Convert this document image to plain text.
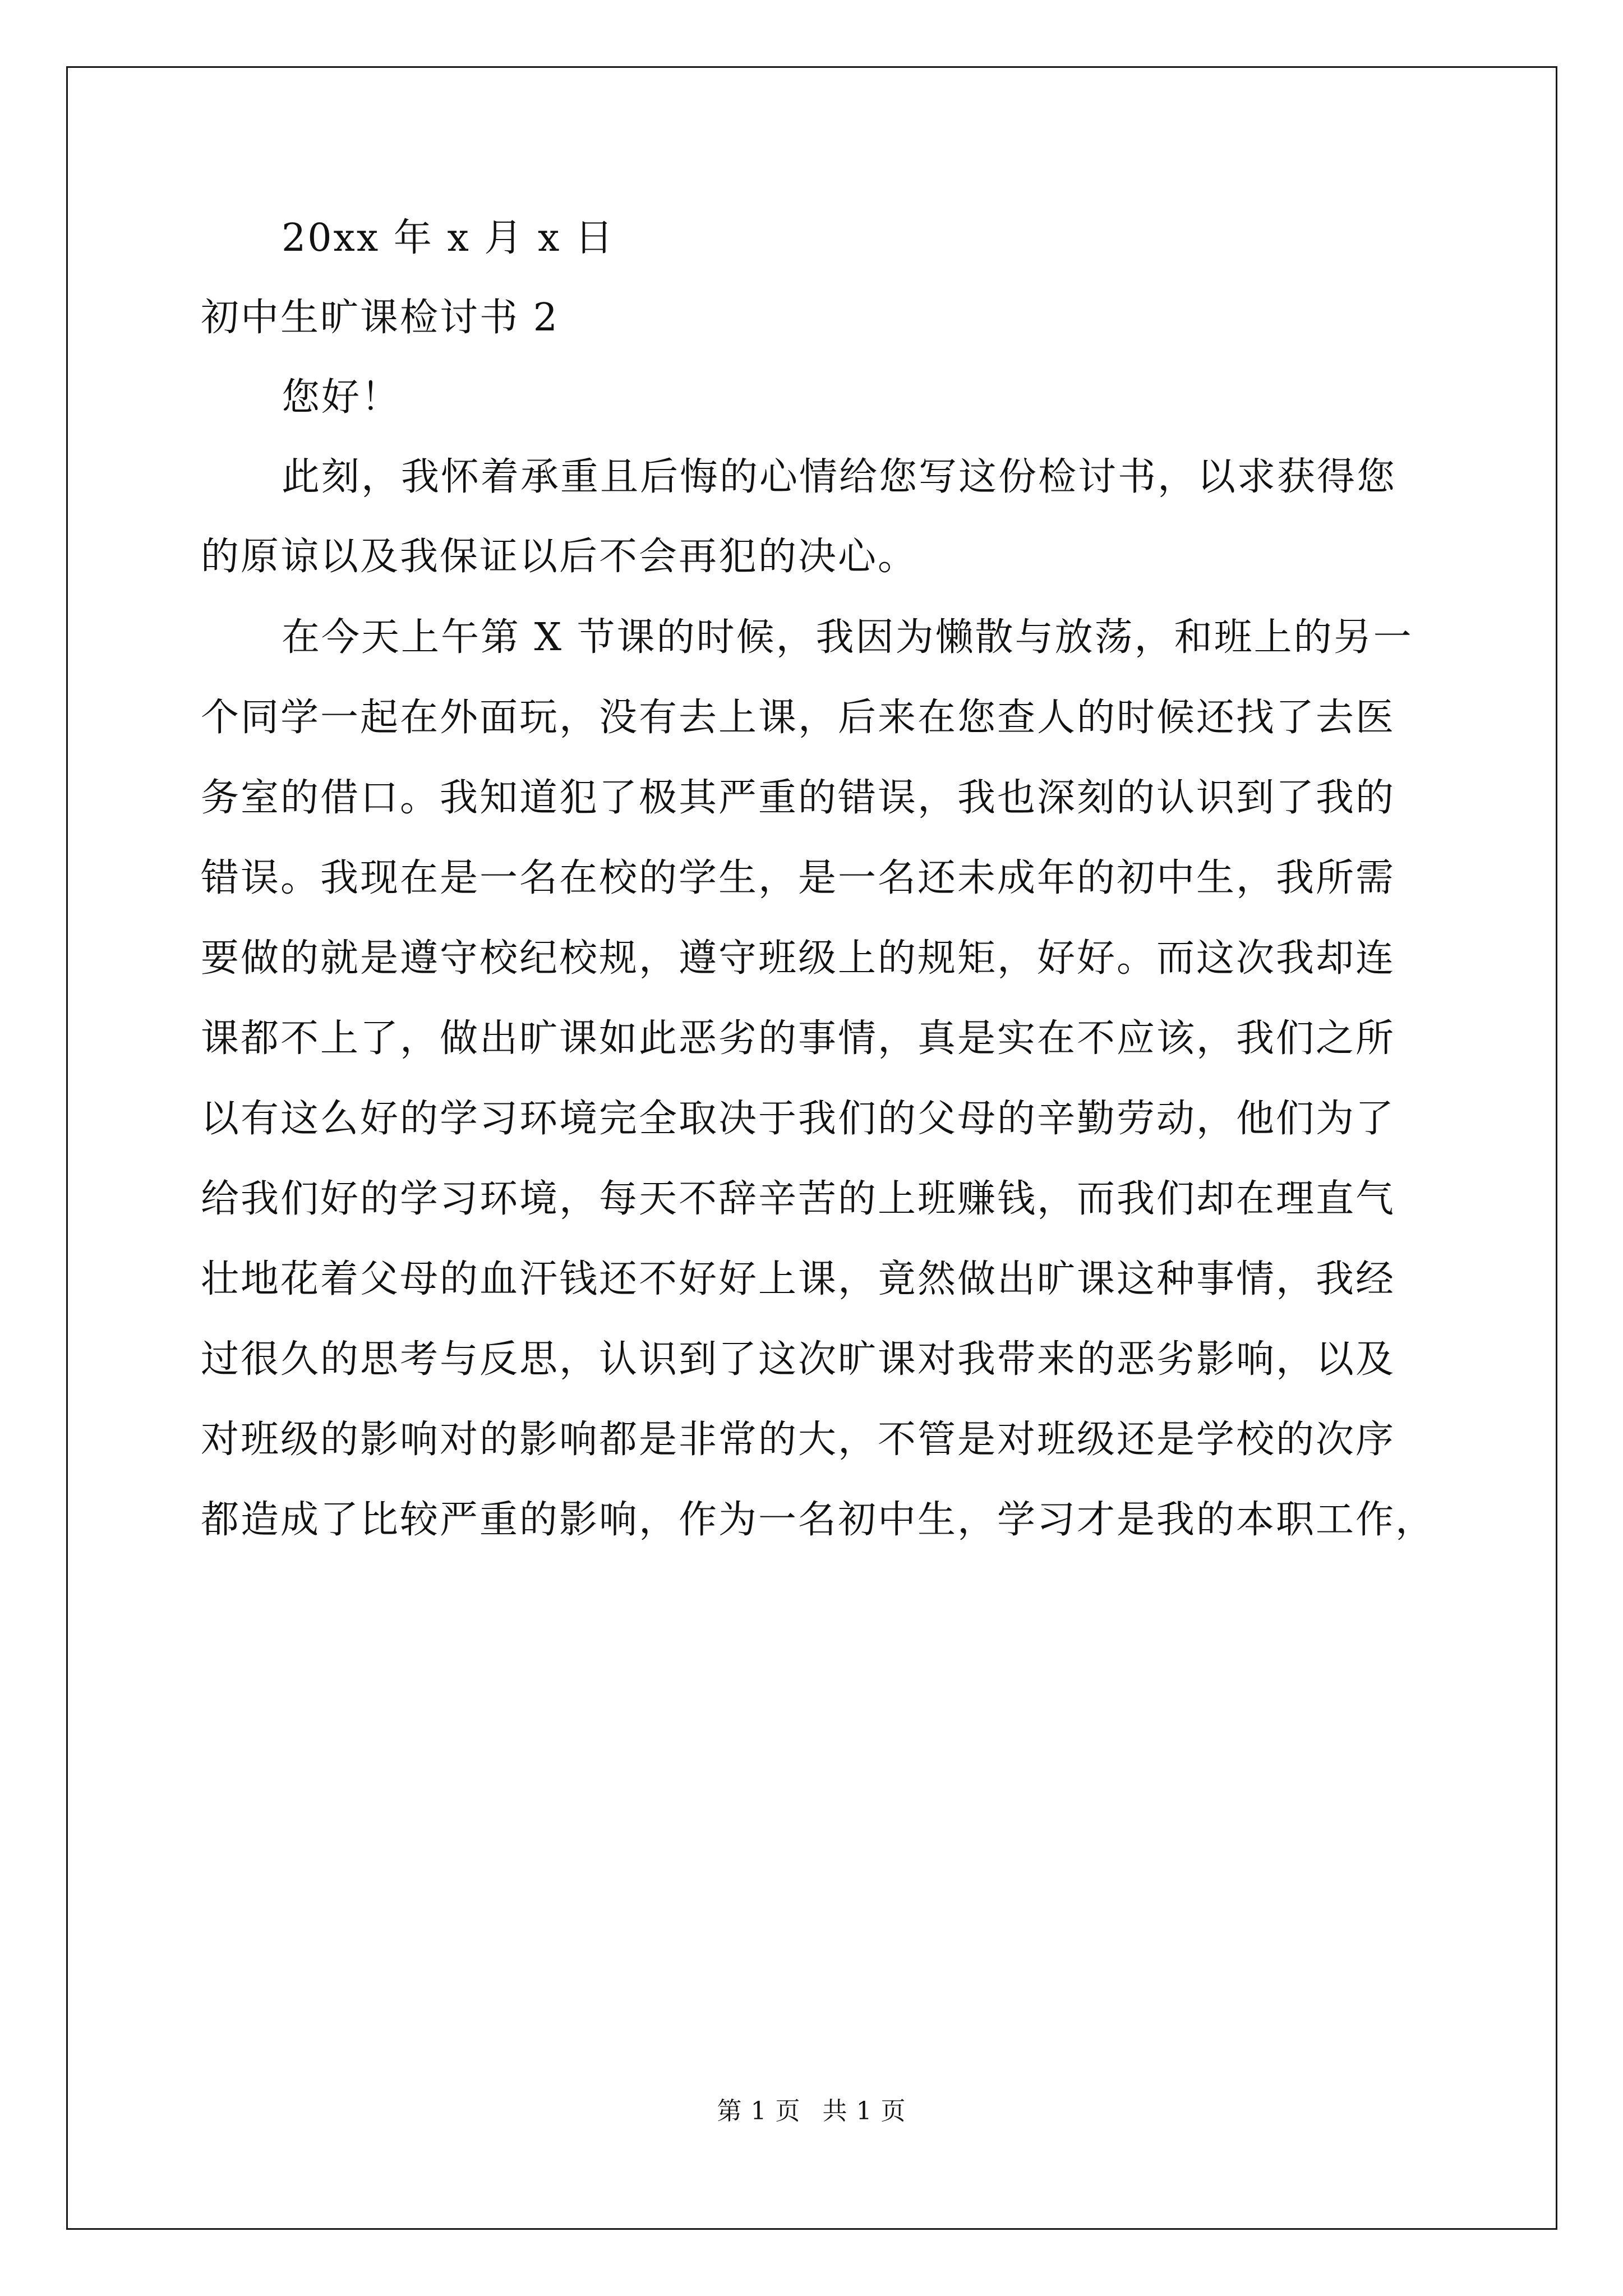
20xx 年 x 月 x 日
初中生旷课检讨书 2
您好！
此刻，我怀着承重且后悔的心情给您写这份检讨书，以求获得您
的原谅以及我保证以后不会再犯的决心。
在今天上午第 X 节课的时候，我因为懒散与放荡，和班上的另一
个同学一起在外面玩，没有去上课，后来在您查人的时候还找了去医
务室的借口。我知道犯了极其严重的错误，我也深刻的认识到了我的
错误。我现在是一名在校的学生，是一名还未成年的初中生，我所需
要做的就是遵守校纪校规，遵守班级上的规矩，好好。而这次我却连
课都不上了，做出旷课如此恶劣的事情，真是实在不应该，我们之所
以有这么好的学习环境完全取决于我们的父母的辛勤劳动，他们为了
给我们好的学习环境，每天不辞辛苦的上班赚钱，而我们却在理直气
壮地花着父母的血汗钱还不好好上课，竟然做出旷课这种事情，我经
过很久的思考与反思，认识到了这次旷课对我带来的恶劣影响，以及
对班级的影响对的影响都是非常的大，不管是对班级还是学校的次序
都造成了比较严重的影响，作为一名初中生，学习才是我的本职工作，
第 1 页 共 1 页
